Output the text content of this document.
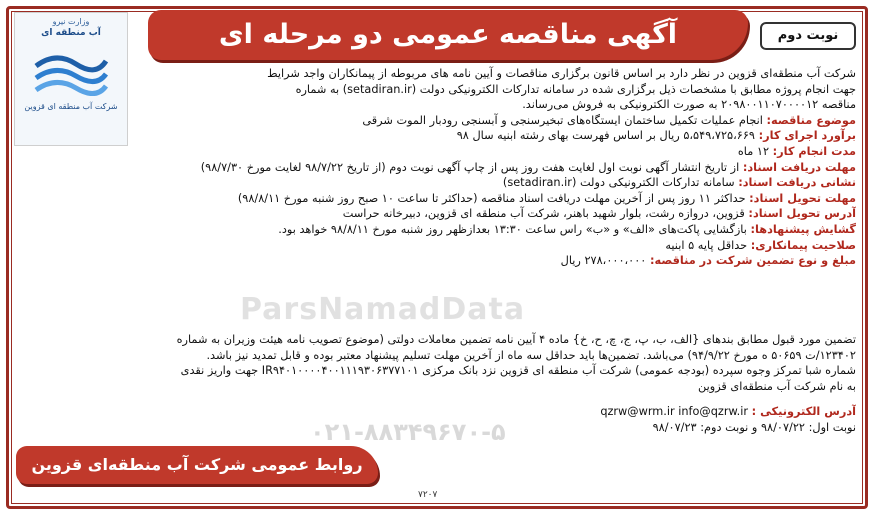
وزارت نیرو
آب منطقه ای
شرکت آب منطقه ای قزوین
آگهی مناقصه عمومی دو مرحله ای	نوبت دوم
ParsNamadData

شرکت آب منطقه‌ای قزوین در نظر دارد بر اساس قانون برگزاری مناقصات و آیین نامه های مربوطه از پیمانکاران واجد شرایط

جهت انجام پروژه مطابق با مشخصات ذیل برگزاری شده در سامانه تدارکات الکترونیکی دولت (setadiran.ir) به شماره

مناقصه ۲۰۹۸۰۰۱۱۰۷۰۰۰۰۱۲ به صورت الکترونیکی به فروش می‌رساند.

موضوع مناقصه: انجام عملیات تکمیل ساختمان ایستگاه‌های تبخیرسنجی و آبسنجی رودبار الموت شرقی

برآورد اجرای کار: ۵،۵۴۹،۷۲۵،۶۶۹ ریال بر اساس فهرست بهای رشته ابنیه سال ۹۸

مدت انجام کار: ۱۲ ماه

مهلت دریافت اسناد: از تاریخ انتشار آگهی نوبت اول لغایت هفت روز پس از چاپ آگهی نوبت دوم (از تاریخ ۹۸/۷/۲۲ لغایت مورخ ۹۸/۷/۳۰)

نشانی دریافت اسناد: سامانه تدارکات الکترونیکی دولت (setadiran.ir)

مهلت تحویل اسناد: حداکثر ۱۱ روز پس از آخرین مهلت دریافت اسناد مناقصه (حداکثر تا ساعت ۱۰ صبح روز شنبه مورخ ۹۸/۸/۱۱)

آدرس تحویل اسناد: قزوین، دروازه رشت، بلوار شهید باهنر، شرکت آب منطقه ای قزوین، دبیرخانه حراست

گشایش پیشنهادها: بازگشایی پاکت‌های «الف» و «ب» راس ساعت ۱۳:۳۰ بعدازظهر روز شنبه مورخ ۹۸/۸/۱۱ خواهد بود.

صلاحیت پیمانکاری: حداقل پایه ۵ ابنیه

مبلغ و نوع تضمین شرکت در مناقصه: ۲۷۸،۰۰۰،۰۰۰ ریال

تضمین مورد قبول مطابق بندهای {الف، ب، پ، ج، چ، ح، خ} ماده ۴ آیین نامه تضمین معاملات دولتی (موضوع تصویب نامه هیئت وزیران به شماره

۱۲۳۴۰۲/ت ۵۰۶۵۹ ه مورخ ۹۴/۹/۲۲) می‌باشد. تضمین‌ها باید حداقل سه ماه از آخرین مهلت تسلیم پیشنهاد معتبر بوده و قابل تمدید نیز باشد.

شماره شبا تمرکز وجوه سپرده (بودجه عمومی) شرکت آب منطقه ای قزوین نزد بانک مرکزی IR۹۴۰۱۰۰۰۰۴۰۰۱۱۱۹۳۰۶۳۷۷۱۰۱ جهت واریز نقدی

به نام شرکت آب منطقه‌ای قزوین

آدرس الکترونیکی : qzrw@wrm.ir info@qzrw.ir

نوبت اول: ۹۸/۰۷/۲۲ و نوبت دوم: ۹۸/۰۷/۲۳

۰۲۱-۸۸۳۴۹۶۷۰-۵
روابط عمومی شرکت آب منطقه‌ای قزوین
۷۲۰۷
